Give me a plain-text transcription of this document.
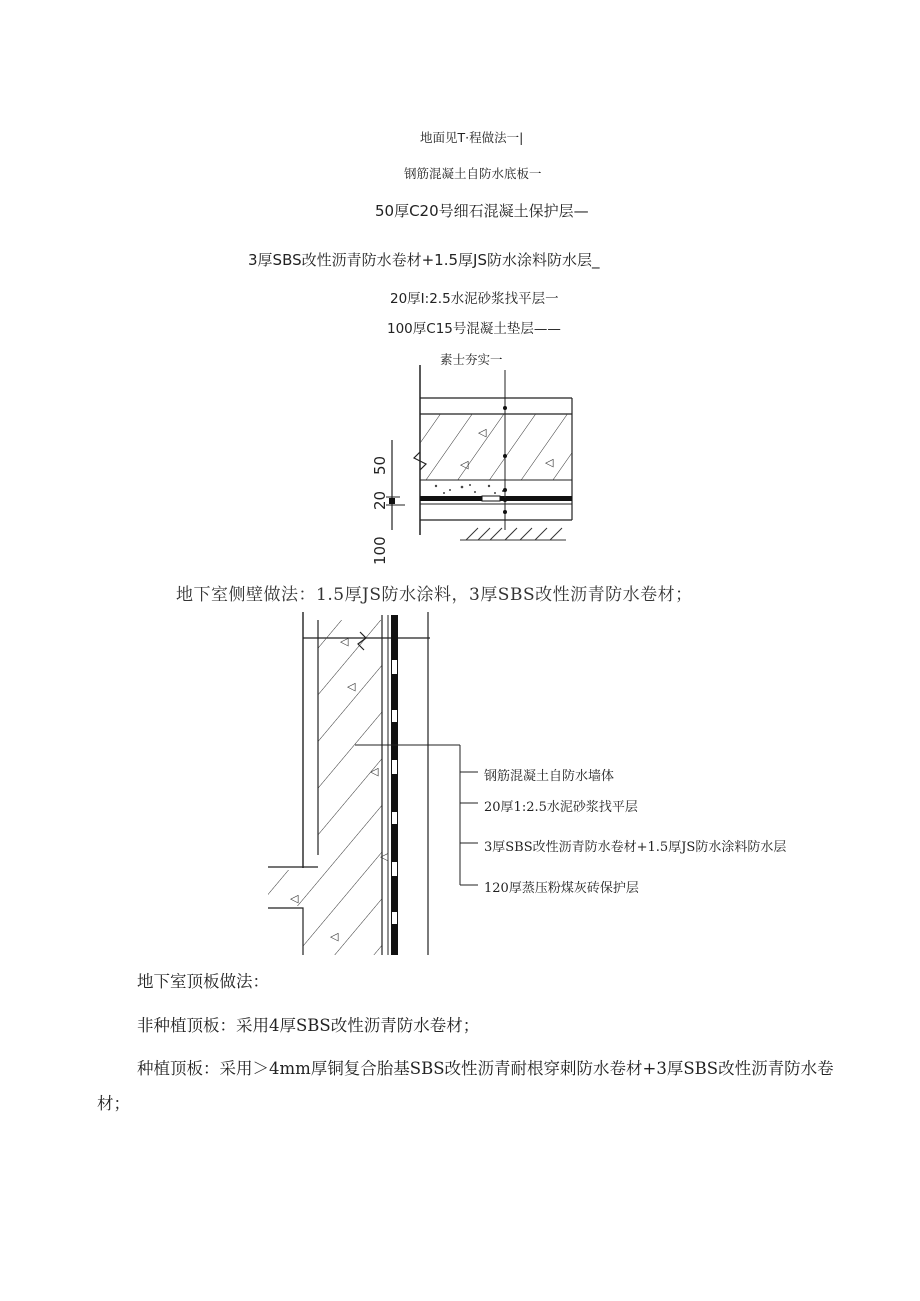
地面见T·程做法一|
钢筋混凝土自防水底板一
50厚C20号细石混凝土保护层—
3厚SBS改性沥青防水卷材+1.5厚JS防水涂料防水层_
20厚I:2.5水泥砂浆找平层一
100厚C15号混凝土垫层——
素士夯实一
◁
◁
◁
50
20
100
地下室侧壁做法：1.5厚JS防水涂料，3厚SBS改性沥青防水卷材；
◁
◁
◁
◁
◁
钢筋混凝土自防水墙体
20厚1:2.5水泥砂浆找平层
3厚SBS改性沥青防水卷材+1.5厚JS防水涂料防水层
120厚蒸压粉煤灰砖保护层
地下室顶板做法：
非种植顶板：采用4厚SBS改性沥青防水卷材；
种植顶板：采用＞4mm厚铜复合胎基SBS改性沥青耐根穿刺防水卷材+3厚SBS改性沥青防水卷
材；
